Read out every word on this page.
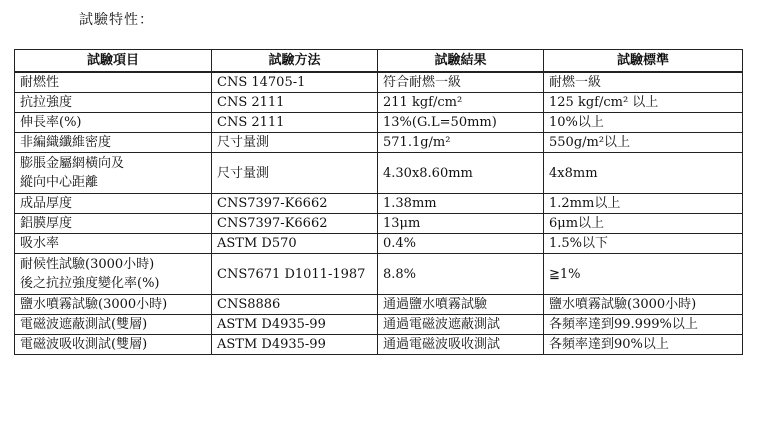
試驗特性：
試驗項目	試驗方法	試驗結果	試驗標準

耐燃性	CNS 14705-1	符合耐燃一級	耐燃一級

抗拉強度	CNS 2111	211 kgf/cm²	125 kgf/cm² 以上

伸長率(%)	CNS 2111	13%(G.L=50mm)	10%以上

非編織纖維密度	尺寸量測	571.1g/m²	550g/m²以上

膨脹金屬網橫向及
縱向中心距離	尺寸量測	4.30x8.60mm	4x8mm

成品厚度	CNS7397-K6662	1.38mm	1.2mm以上

鋁膜厚度	CNS7397-K6662	13μm	6μm以上

吸水率	ASTM D570	0.4%	1.5%以下

耐候性試驗(3000小時)
後之抗拉強度變化率(%)	CNS7671 D1011-1987	8.8%	≧1%

鹽水噴霧試驗(3000小時)	CNS8886	通過鹽水噴霧試驗	鹽水噴霧試驗(3000小時)

電磁波遮蔽測試(雙層)	ASTM D4935-99	通過電磁波遮蔽測試	各頻率達到99.999%以上

電磁波吸收測試(雙層)	ASTM D4935-99	通過電磁波吸收測試	各頻率達到90%以上
